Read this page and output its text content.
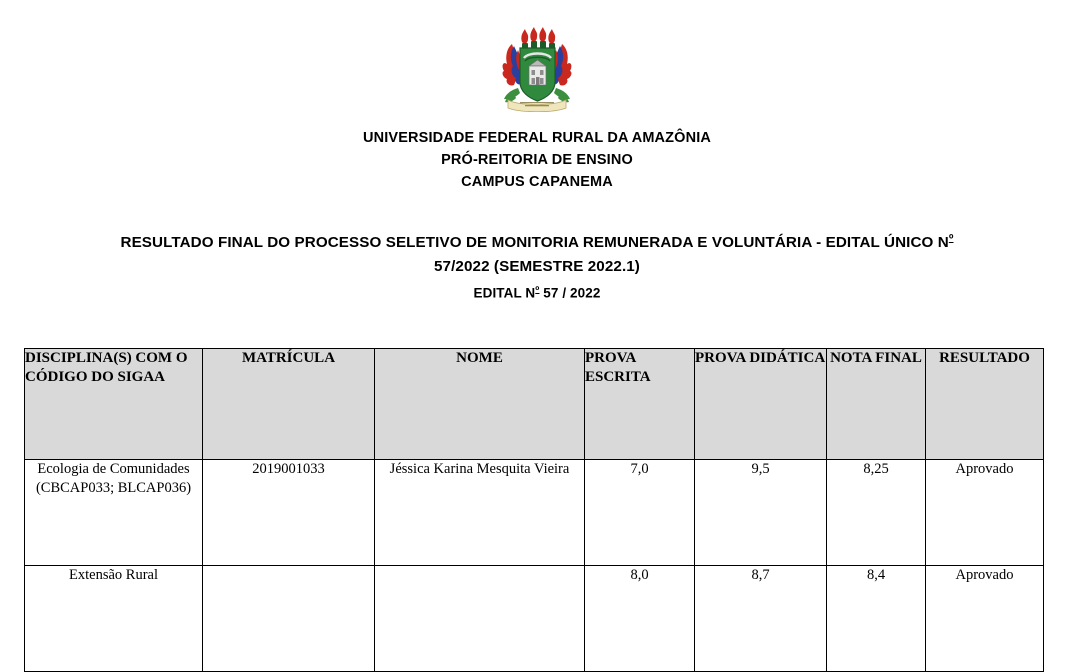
UNIVERSIDADE FEDERAL RURAL DA AMAZÔNIA
PRÓ-REITORIA DE ENSINO
CAMPUS CAPANEMA
RESULTADO FINAL DO PROCESSO SELETIVO DE MONITORIA REMUNERADA E VOLUNTÁRIA - EDITAL ÚNICO $N^º$ 57/2022 (SEMESTRE 2022.1)
EDITAL $N^º$ 57 / 2022
DISCIPLINA(S) COM O CÓDIGO DO SIGAA	MATRÍCULA	NOME	PROVA ESCRITA	PROVA DIDÁTICA	NOTA FINAL	RESULTADO
Ecologia de Comunidades (CBCAP033; BLCAP036)	2019001033	Jéssica Karina Mesquita Vieira	7,0	9,5	8,25	Aprovado
Extensão Rural			8,0	8,7	8,4	Aprovado
